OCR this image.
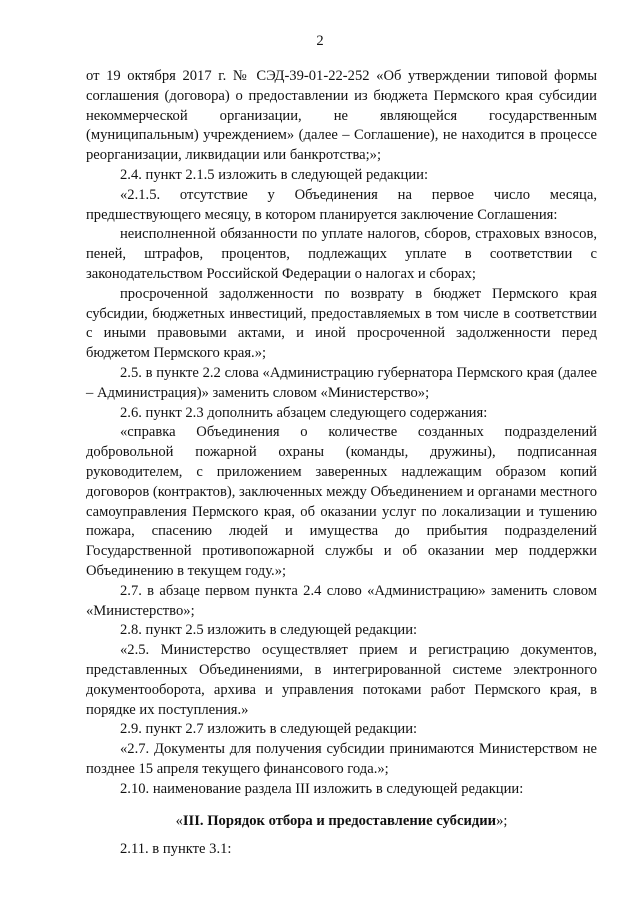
2

от 19 октября 2017 г. № СЭД-39-01-22-252 «Об утверждении типовой формы соглашения (договора) о предоставлении из бюджета Пермского края субсидии некоммерческой организации, не являющейся государственным (муниципальным) учреждением» (далее – Соглашение), не находится в процессе реорганизации, ликвидации или банкротства;»;

2.4. пункт 2.1.5 изложить в следующей редакции:

«2.1.5. отсутствие у Объединения на первое число месяца, предшествующего месяцу, в котором планируется заключение Соглашения:

неисполненной обязанности по уплате налогов, сборов, страховых взносов, пеней, штрафов, процентов, подлежащих уплате в соответствии с законодательством Российской Федерации о налогах и сборах;

просроченной задолженности по возврату в бюджет Пермского края субсидии, бюджетных инвестиций, предоставляемых в том числе в соответствии с иными правовыми актами, и иной просроченной задолженности перед бюджетом Пермского края.»;

2.5. в пункте 2.2 слова «Администрацию губернатора Пермского края (далее – Администрация)» заменить словом «Министерство»;

2.6. пункт 2.3 дополнить абзацем следующего содержания:

«справка Объединения о количестве созданных подразделений добровольной пожарной охраны (команды, дружины), подписанная руководителем, с приложением заверенных надлежащим образом копий договоров (контрактов), заключенных между Объединением и органами местного самоуправления Пермского края, об оказании услуг по локализации и тушению пожара, спасению людей и имущества до прибытия подразделений Государственной противопожарной службы и об оказании мер поддержки Объединению в текущем году.»;

2.7. в абзаце первом пункта 2.4 слово «Администрацию» заменить словом «Министерство»;

2.8. пункт 2.5 изложить в следующей редакции:

«2.5. Министерство осуществляет прием и регистрацию документов, представленных Объединениями, в интегрированной системе электронного документооборота, архива и управления потоками работ Пермского края, в порядке их поступления.»

2.9. пункт 2.7 изложить в следующей редакции:

«2.7. Документы для получения субсидии принимаются Министерством не позднее 15 апреля текущего финансового года.»;

2.10. наименование раздела III изложить в следующей редакции:

«III. Порядок отбора и предоставление субсидии»;

2.11. в пункте 3.1:
